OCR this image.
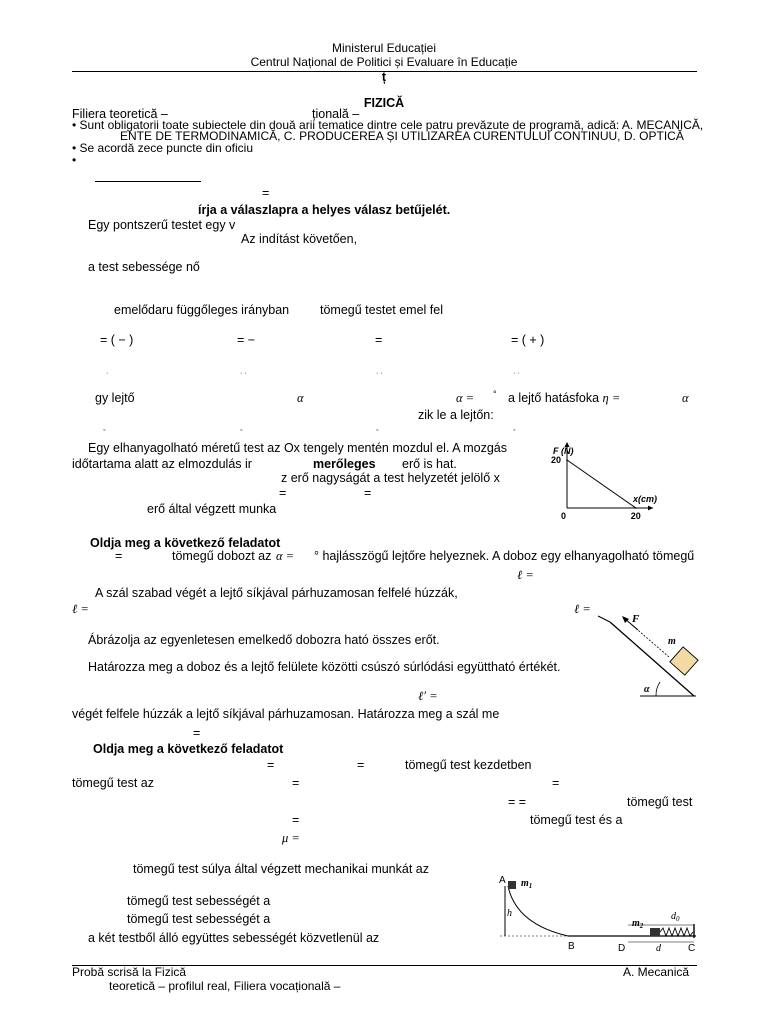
Ministerul Educației
Centrul Național de Politici și Evaluare în Educație
ț
FIZICĂ
Filiera teoretică –	țională –
• Sunt obligatorii toate subiectele din două arii tematice dintre cele patru prevăzute de programă, adică: A. MECANICĂ,
ENTE DE TERMODINAMICĂ, C. PRODUCEREA ȘI UTILIZAREA CURENTULUI CONTINUU, D. OPTICĂ
• Se acordă zece puncte din oficiu
•
=
írja a válaszlapra a helyes válasz betűjelét.
Egy pontszerű testet egy v
Az indítást követően,
a test sebessége nő
emelődaru függőleges irányban tömegű testet emel fel
= ( − )	= −	=	= ( + )
·	· ·	· ·	· ·
gy lejtő	α	α = ° a lejtő hatásfoka η =	α
zik le a lejtőn:
◦	◦	◦	◦
Egy elhanyagolható méretű test az Ox tengely mentén mozdul el. A mozgás
időtartama alatt az elmozdulás ir	merőleges erő is hat.
z erő nagyságát a test helyzetét jelölő x
=	=
erő által végzett munka
F (N)
x(cm)
20
0	20
Oldja meg a következő feladatot
=	tömegű dobozt az α = ° hajlásszögű lejtőre helyeznek. A doboz egy elhanyagolható tömegű
ℓ =
A szál szabad végét a lejtő síkjával párhuzamosan felfelé húzzák,
ℓ =	ℓ =
Ábrázolja az egyenletesen emelkedő dobozra ható összes erőt.
Határozza meg a doboz és a lejtő felülete közötti csúszó súrlódási együttható értékét.
ℓ′ =
végét felfele húzzák a lejtő síkjával párhuzamosan. Határozza meg a szál me
=
F
m
α
Oldja meg a következő feladatot
=	=	tömegű test kezdetben
tömegű test az	=	=
= =	tömegű test
=	tömegű test és a
μ =
tömegű test súlya által végzett mechanikai munkát az
tömegű test sebességét a
tömegű test sebességét a
a két testből álló együttes sebességét közvetlenül az
A $m_1$
h
B
$m_2$
$d_0$
D	d	C
Probă scrisă la Fizică	A. Mecanică
teoretică – profilul real, Filiera vocațională –
